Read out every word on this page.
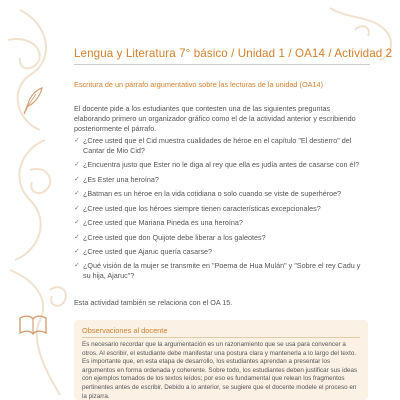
Lengua y Literatura 7° básico / Unidad 1 / OA14 / Actividad 2
Escritura de un párrafo argumentativo sobre las lecturas de la unidad (OA14)
El docente pide a los estudiantes que contesten una de las siguientes preguntas elaborando primero un organizador gráfico como el de la actividad anterior y escribiendo posteriormente el párrafo.
✓ ¿Cree usted que el Cid muestra cualidades de héroe en el capítulo "El destierro" del Cantar de Mio Cid?
✓ ¿Encuentra justo que Ester no le diga al rey que ella es judía antes de casarse con él?
✓ ¿Es Ester una heroína?
✓ ¿Batman es un héroe en la vida cotidiana o solo cuando se viste de superhéroe?
✓ ¿Cree usted que los héroes siempre tienen características excepcionales?
✓ ¿Cree usted que Mariana Pineda es una heroína?
✓ ¿Cree usted que don Quijote debe liberar a los galeotes?
✓ ¿Cree usted que Ajaruc quería casarse?
✓ ¿Qué visión de la mujer se transmite en "Poema de Hua Mulán" y "Sobre el rey Cadu y su hija, Ajaruc"?
Esta actividad también se relaciona con el OA 15.
Observaciones al docente
Es necesario recordar que la argumentación es un razonamiento que se usa para convencer a otros. Al escribir, el estudiante debe manifestar una postura clara y mantenerla a lo largo del texto. Es importante que, en esta etapa de desarrollo, los estudiantes aprendan a presentar los argumentos en forma ordenada y coherente. Sobre todo, los estudiantes deben justificar sus ideas con ejemplos tomados de los textos leídos; por eso es fundamental que relean los fragmentos pertinentes antes de escribir. Debido a lo anterior, se sugiere que el docente modele el proceso en la pizarra.
